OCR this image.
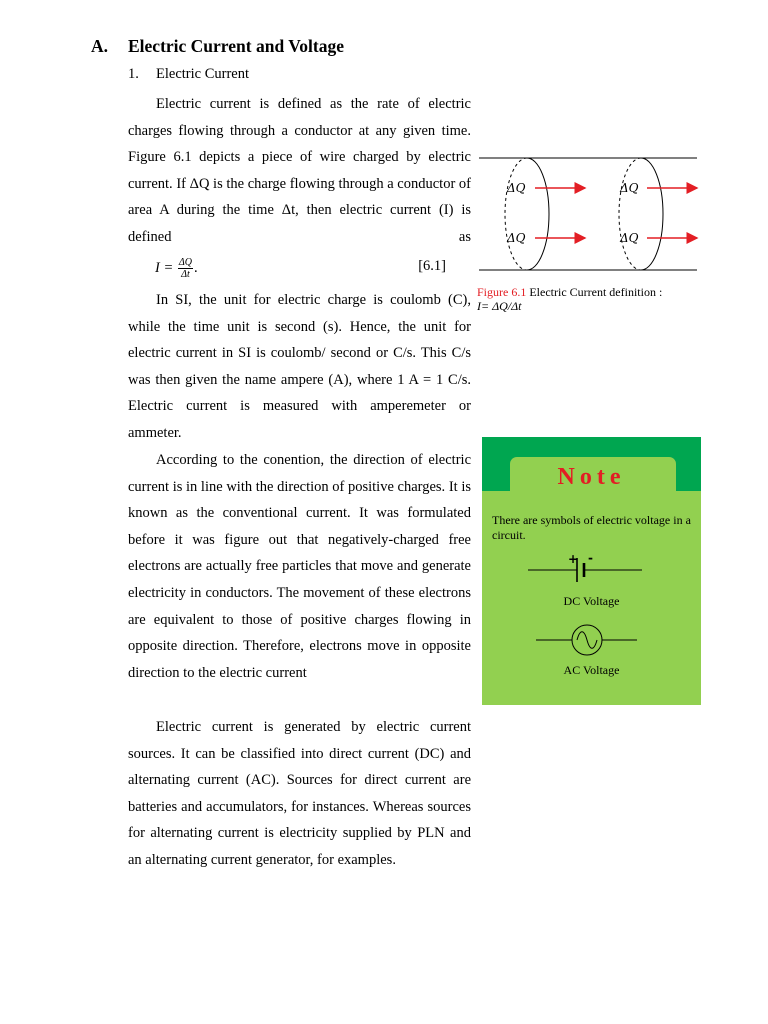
A. Electric Current and Voltage
1. Electric Current

Electric current is defined as the rate of electric charges flowing through a conductor at any given time. Figure 6.1 depicts a piece of wire charged by electric current. If ΔQ is the charge flowing through a conductor of area A during the time Δt, then electric current (I) is defined as

$I = \frac{\Delta Q}{\Delta t}$.	[6.1]

In SI, the unit for electric charge is coulomb (C), while the time unit is second (s). Hence, the unit for electric current in SI is coulomb/ second or C/s. This C/s was then given the name ampere (A), where 1 A = 1 C/s. Electric current is measured with amperemeter or ammeter.

According to the conention, the direction of electric current is in line with the direction of positive charges. It is known as the conventional current. It was formulated before it was figure out that negatively-charged free electrons are actually free particles that move and generate electricity in conductors. The movement of these electrons are equivalent to those of positive charges flowing in opposite direction. Therefore, electrons move in opposite direction to the electric current

Electric current is generated by electric current sources. It can be classified into direct current (DC) and alternating current (AC). Sources for direct current are batteries and accumulators, for instances. Whereas sources for alternating current is electricity supplied by PLN and an alternating current generator, for examples.

ΔQ
ΔQ
ΔQ
ΔQ
Figure 6.1 Electric Current definition :
I= ΔQ/Δt
Note
There are symbols of electric voltage in a circuit.
+ -
DC Voltage
AC Voltage
